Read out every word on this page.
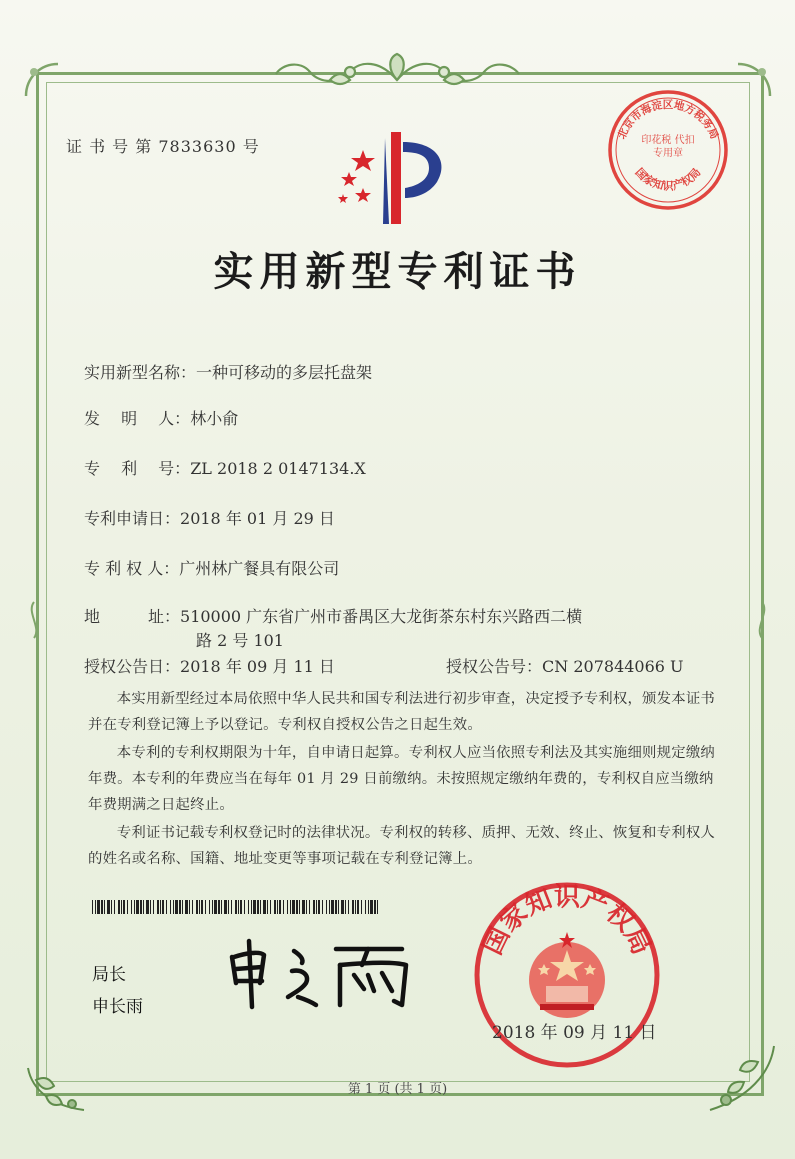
证 书 号 第 7833630 号
实用新型专利证书
实用新型名称：一种可移动的多层托盘架
发　 明　 人：林小俞
专　 利　 号：ZL 2018 2 0147134.X
专利申请日：2018 年 01 月 29 日
专 利 权 人：广州林广餐具有限公司
地　　　址：510000 广东省广州市番禺区大龙街茶东村东兴路西二横
路 2 号 101
授权公告日：2018 年 09 月 11 日	授权公告号：CN 207844066 U
本实用新型经过本局依照中华人民共和国专利法进行初步审查，决定授予专利权，颁发本证书并在专利登记簿上予以登记。专利权自授权公告之日起生效。
本专利的专利权期限为十年，自申请日起算。专利权人应当依照专利法及其实施细则规定缴纳年费。本专利的年费应当在每年 01 月 29 日前缴纳。未按照规定缴纳年费的，专利权自应当缴纳年费期满之日起终止。
专利证书记载专利权登记时的法律状况。专利权的转移、质押、无效、终止、恢复和专利权人的姓名或名称、国籍、地址变更等事项记载在专利登记簿上。
局长
申长雨
国家知识产权局
2018 年 09 月 11 日
北京市海淀区地方税务局
国家知识产权局
印花税 代扣专用章
第 1 页 (共 1 页)
